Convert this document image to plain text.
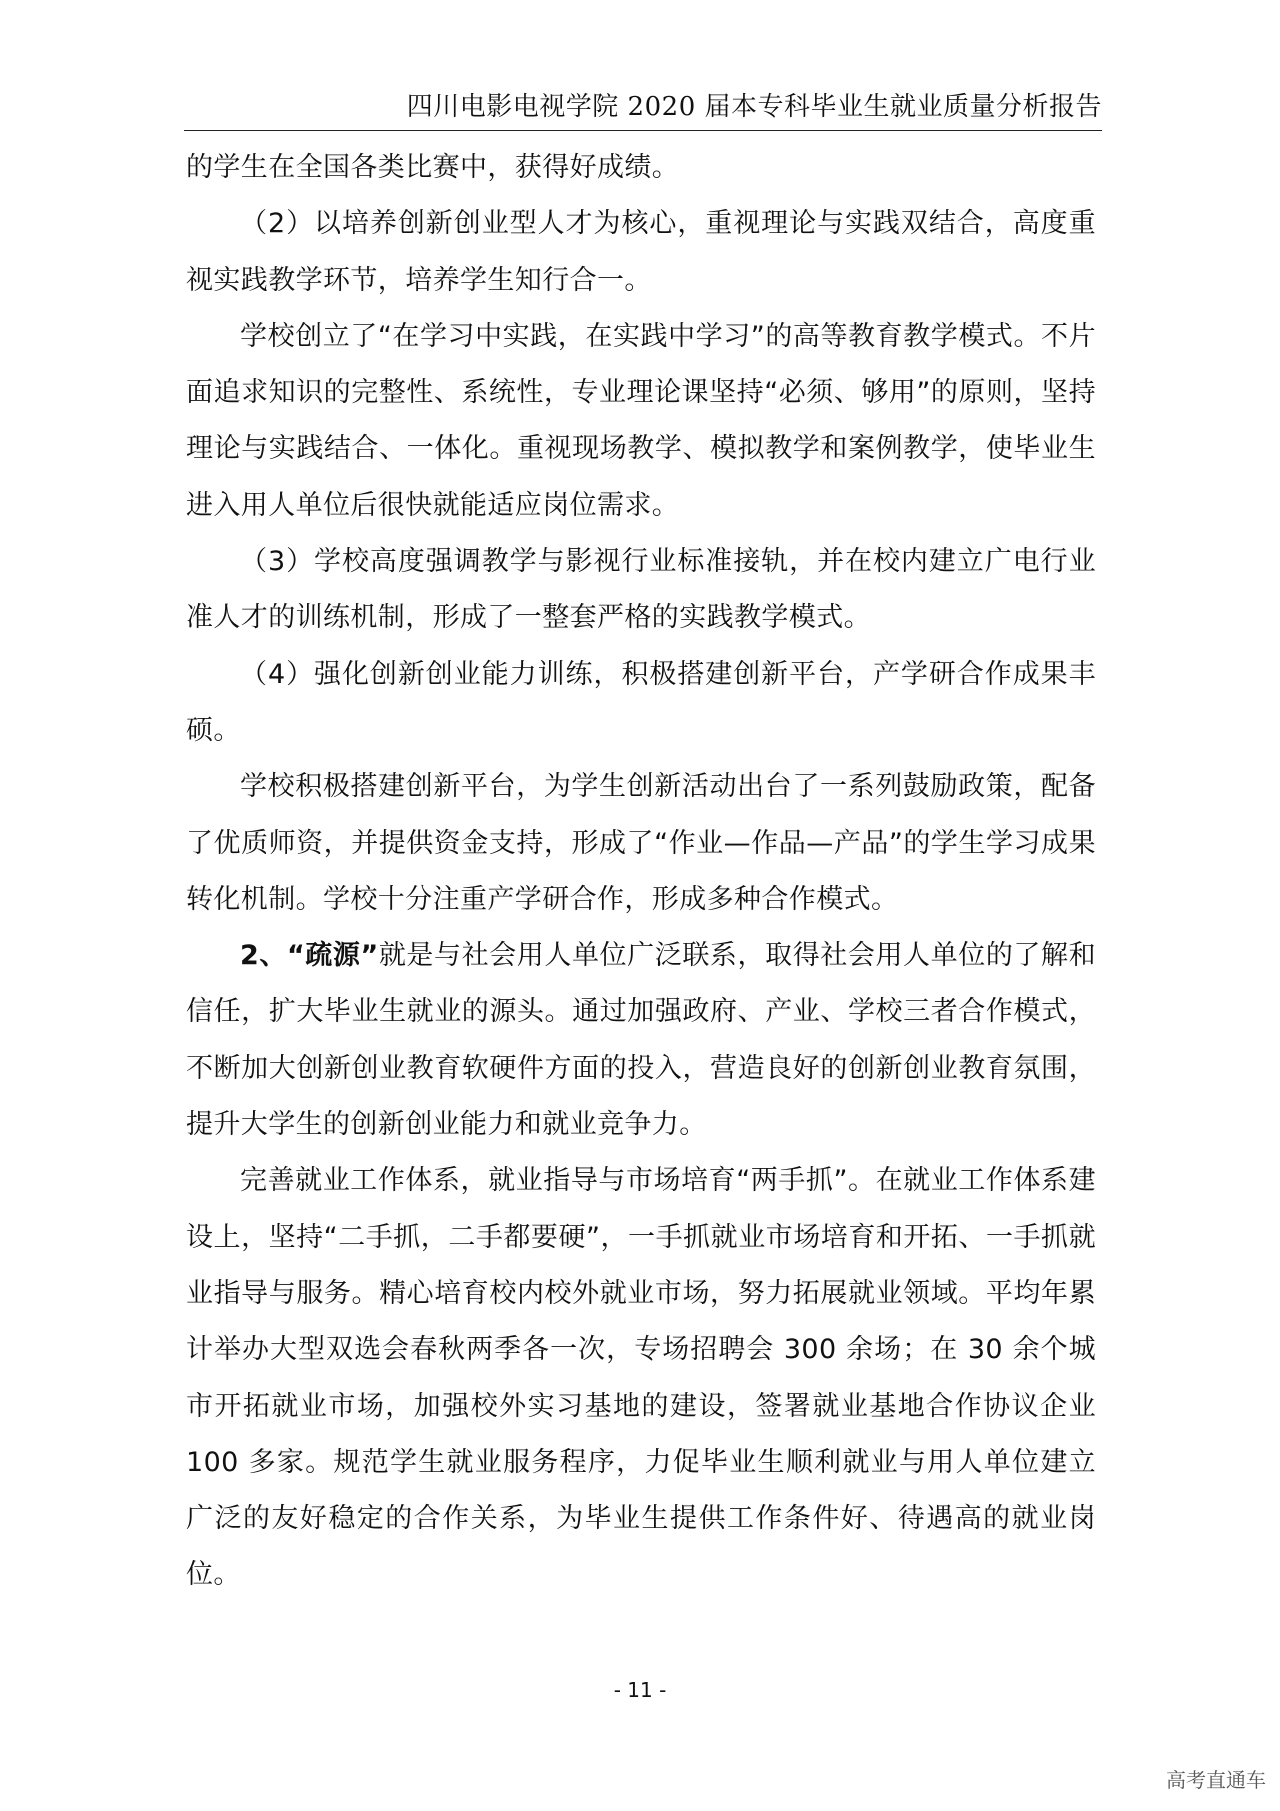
四川电影电视学院 2020 届本专科毕业生就业质量分析报告

的学生在全国各类比赛中，获得好成绩。

（2）以培养创新创业型人才为核心，重视理论与实践双结合，高度重视实践教学环节，培养学生知行合一。

学校创立了“在学习中实践，在实践中学习”的高等教育教学模式。不片面追求知识的完整性、系统性，专业理论课坚持“必须、够用”的原则，坚持理论与实践结合、一体化。重视现场教学、模拟教学和案例教学，使毕业生进入用人单位后很快就能适应岗位需求。

（3）学校高度强调教学与影视行业标准接轨，并在校内建立广电行业准人才的训练机制，形成了一整套严格的实践教学模式。

（4）强化创新创业能力训练，积极搭建创新平台，产学研合作成果丰硕。

学校积极搭建创新平台，为学生创新活动出台了一系列鼓励政策，配备了优质师资，并提供资金支持，形成了“作业—作品—产品”的学生学习成果转化机制。学校十分注重产学研合作，形成多种合作模式。

2、“疏源”就是与社会用人单位广泛联系，取得社会用人单位的了解和信任，扩大毕业生就业的源头。通过加强政府、产业、学校三者合作模式，不断加大创新创业教育软硬件方面的投入，营造良好的创新创业教育氛围，提升大学生的创新创业能力和就业竞争力。

完善就业工作体系，就业指导与市场培育“两手抓”。在就业工作体系建设上，坚持“二手抓，二手都要硬”，一手抓就业市场培育和开拓、一手抓就业指导与服务。精心培育校内校外就业市场，努力拓展就业领域。平均年累计举办大型双选会春秋两季各一次，专场招聘会 300 余场；在 30 余个城市开拓就业市场，加强校外实习基地的建设，签署就业基地合作协议企业 100 多家。规范学生就业服务程序，力促毕业生顺利就业与用人单位建立广泛的友好稳定的合作关系，为毕业生提供工作条件好、待遇高的就业岗位。

- 11 -
高考直通车
